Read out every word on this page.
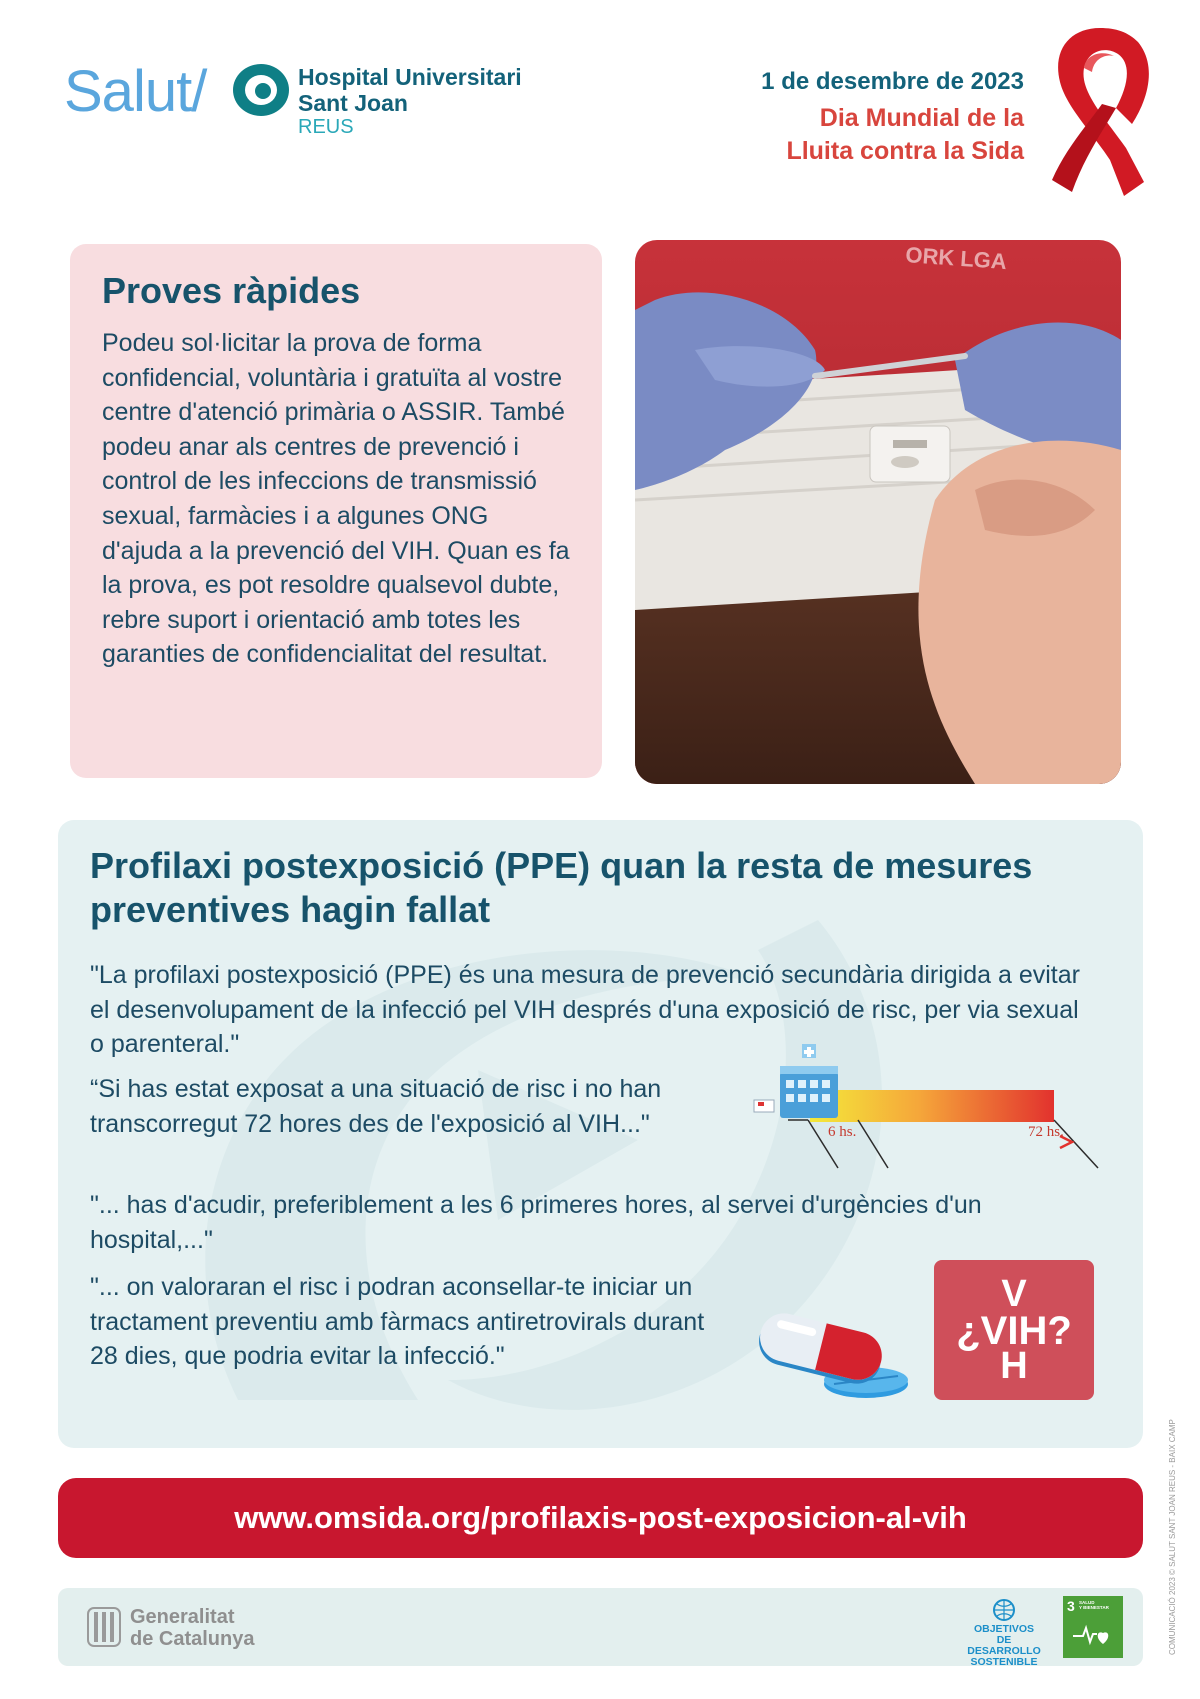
Salut/	Hospital Universitari
Sant Joan
REUS
1 de desembre de 2023
Dia Mundial de la
Lluita contra la Sida
Proves ràpides

Podeu sol·licitar la prova de forma confidencial, voluntària i gratuïta al vostre centre d'atenció primària o ASSIR. També podeu anar als centres de prevenció i control de les infeccions de transmissió sexual, farmàcies i a algunes ONG d'ajuda a la prevenció del VIH. Quan es fa la prova, es pot resoldre qualsevol dubte, rebre suport i orientació amb totes les garanties de confidencialitat del resultat.

ORK LGA
Profilaxi postexposició (PPE) quan la resta de mesures preventives hagin fallat

"La profilaxi postexposició (PPE) és una mesura de prevenció secundària dirigida a evitar el desenvolupament de la infecció pel VIH després d'una exposició de risc, per via sexual o parenteral."

“Si has estat exposat a una situació de risc i no han transcorregut 72 hores des de l'exposició al VIH..."

"... has d'acudir, preferiblement a les 6 primeres hores, al servei d'urgències d'un hospital,..."

"... on valoraran el risc i podran aconsellar-te iniciar un tractament preventiu amb fàrmacs antiretrovirals durant 28 dies, que podria evitar la infecció."

6 hs.	72 hs.
V
¿VIH?
H
www.omsida.org/profilaxis-post-exposicion-al-vih
Generalitat
de Catalunya	OBJETIVOS
DE DESARROLLO
SOSTENIBLE
3 SALUD
Y BIENESTAR	COMUNICACIÓ 2023 © SALUT SANT JOAN REUS - BAIX CAMP
